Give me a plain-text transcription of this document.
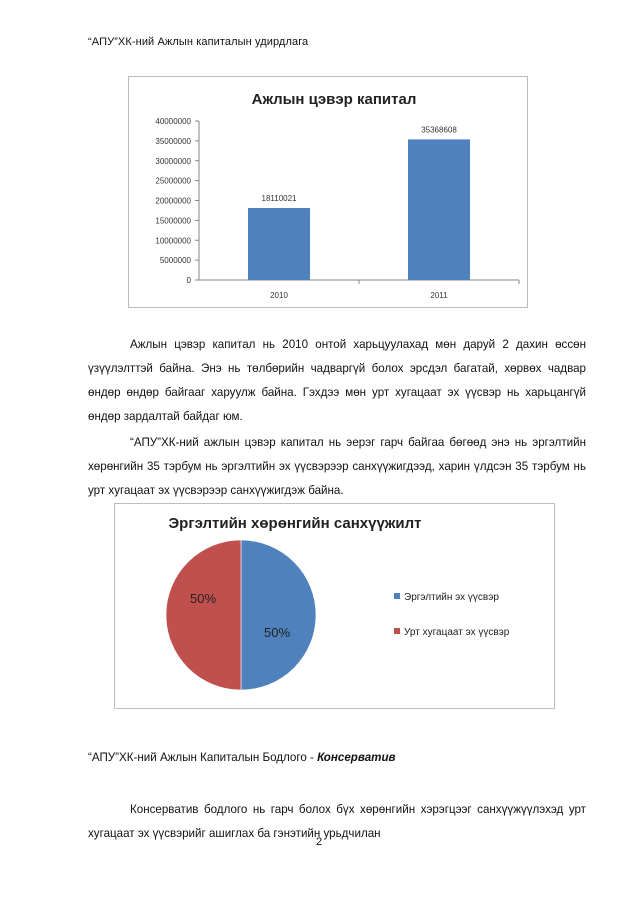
“АПУ”ХК-ний Ажлын капиталын удирдлага
Ажлын цэвэр капитал
0
5000000
10000000
15000000
20000000
25000000
30000000
35000000
40000000
18110021
2010
35368608
2011

Ажлын цэвэр капитал нь 2010 онтой харьцуулахад мөн даруй 2 дахин өссөн үзүүлэлттэй байна. Энэ нь төлбөрийн чадваргүй болох эрсдэл багатай, хөрвөх чадвар өндөр өндөр байгааг харуулж байна. Гэхдээ мөн урт хугацаат эх үүсвэр нь харьцангүй өндөр зардалтай байдаг юм.

“АПУ”ХК-ний ажлын цэвэр капитал нь эерэг гарч байгаа бөгөөд энэ нь эргэлтийн хөрөнгийн 35 тэрбум нь эргэлтийн эх үүсвэрээр санхүүжигдээд, харин үлдсэн 35 тэрбум нь урт хугацаат эх үүсвэрээр санхүүжигдэж байна.

Эргэлтийн хөрөнгийн санхүүжилт
50%
50%	Эргэлтийн эх үүсвэр
Урт хугацаат эх үүсвэр
“АПУ”ХК-ний Ажлын Капиталын Бодлого - Консерватив

Консерватив бодлого нь гарч болох бүх хөрөнгийн хэрэгцээг санхүүжүүлэхэд урт хугацаат эх үүсвэрийг ашиглах ба гэнэтийн урьдчилан

2
